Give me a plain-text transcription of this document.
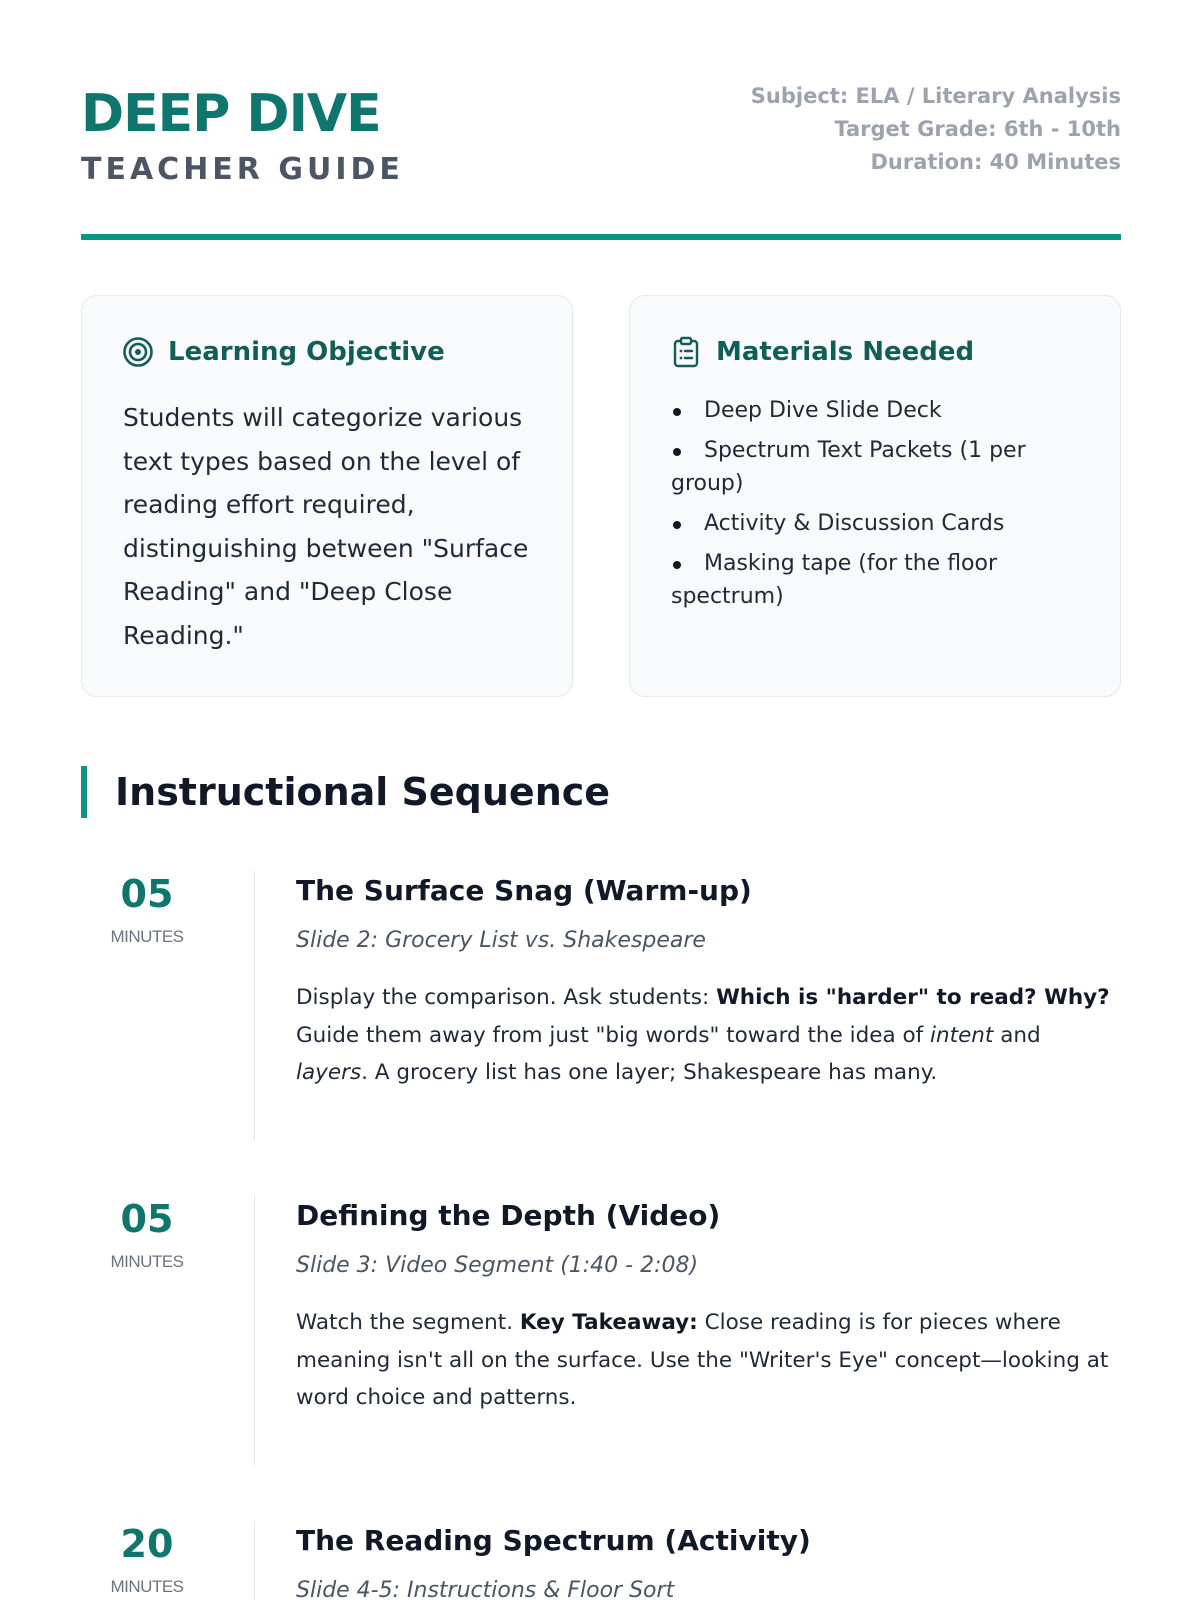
DEEP DIVE
TEACHER GUIDE
Subject: ELA / Literary Analysis
Target Grade: 6th - 10th
Duration: 40 Minutes
Learning Objective
Students will categorize various text types based on the level of reading effort required, distinguishing between "Surface Reading" and "Deep Close Reading."
Materials Needed
Deep Dive Slide Deck
Spectrum Text Packets (1 per group)
Activity & Discussion Cards
Masking tape (for the floor spectrum)
Instructional Sequence
05
MINUTES
The Surface Snag (Warm-up)
Slide 2: Grocery List vs. Shakespeare
Display the comparison. Ask students: Which is "harder" to read? Why? Guide them away from just "big words" toward the idea of intent and layers. A grocery list has one layer; Shakespeare has many.
05
MINUTES
Defining the Depth (Video)
Slide 3: Video Segment (1:40 - 2:08)
Watch the segment. Key Takeaway: Close reading is for pieces where meaning isn't all on the surface. Use the "Writer's Eye" concept—looking at word choice and patterns.
20
MINUTES
The Reading Spectrum (Activity)
Slide 4-5: Instructions & Floor Sort
